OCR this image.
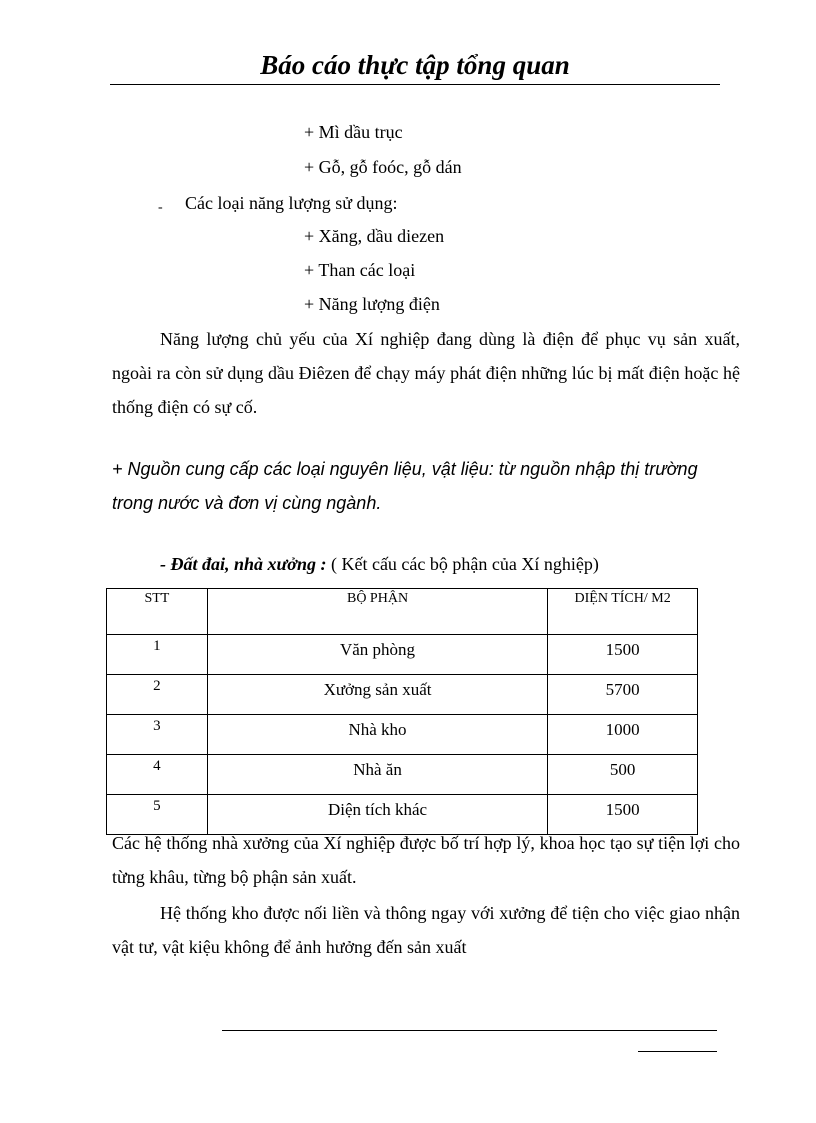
Báo cáo thực tập tổng quan
+ Mì dầu trục
+ Gỗ, gỗ foóc, gỗ dán
- Các loại năng lượng sử dụng:
+ Xăng, dầu diezen
+ Than các loại
+ Năng lượng điện
Năng lượng chủ yếu của Xí nghiệp đang dùng là điện để phục vụ sản xuất, ngoài ra còn sử dụng dầu Điêzen để chạy máy phát điện những lúc bị mất điện hoặc hệ thống điện có sự cố.
+ Nguồn cung cấp các loại nguyên liệu, vật liệu: từ nguồn nhập thị trường trong nước và đơn vị cùng ngành.
- Đất đai, nhà xưởng : ( Kết cấu các bộ phận của Xí nghiệp)
STT	BỘ PHẬN	DIỆN TÍCH/ M2
1	Văn phòng	1500
2	Xưởng sản xuất	5700
3	Nhà kho	1000
4	Nhà ăn	500
5	Diện tích khác	1500
Các hệ thống nhà xưởng của Xí nghiệp được bố trí hợp lý, khoa học tạo sự tiện lợi cho từng khâu, từng bộ phận sản xuất.
Hệ thống kho được nối liền và thông ngay với xưởng để tiện cho việc giao nhận vật tư, vật kiệu không để ảnh hưởng đến sản xuất
